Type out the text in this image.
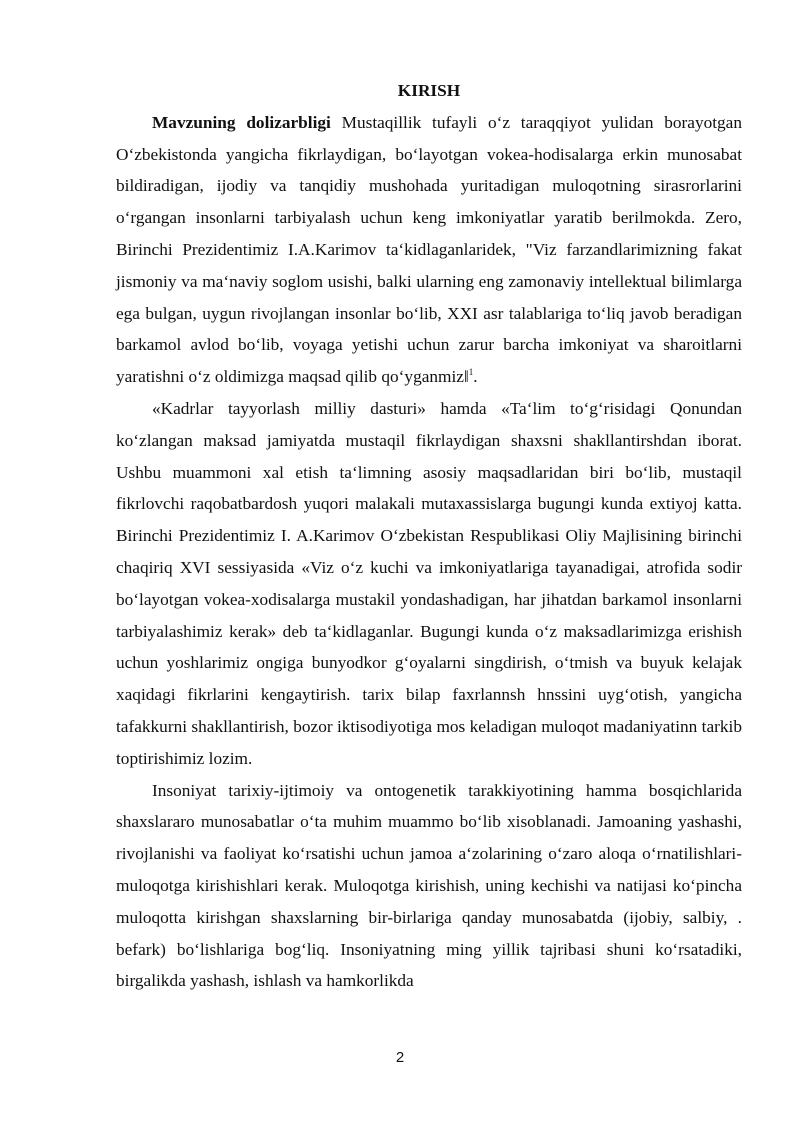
KIRISH

Mavzuning dolizarbligi Mustaqillik tufayli o‘z taraqqiyot yulidan borayotgan O‘zbekistonda yangicha fikrlaydigan, bo‘layotgan vokea-hodisalarga erkin munosabat bildiradigan, ijodiy va tanqidiy mushohada yuritadigan muloqotning sirasrorlarini o‘rgangan insonlarni tarbiyalash uchun keng imkoniyatlar yaratib berilmokda. Zero, Birinchi Prezidentimiz I.A.Karimov ta‘kidlaganlaridek, "Viz farzandlarimizning fakat jismoniy va ma‘naviy soglom usishi, balki ularning eng zamonaviy intellektual bilimlarga ega bulgan, uygun rivojlangan insonlar bo‘lib, XXI asr talablariga to‘liq javob beradigan barkamol avlod bo‘lib, voyaga yetishi uchun zarur barcha imkoniyat va sharoitlarni yaratishni o‘z oldimizga maqsad qilib qo‘yganmiz‖$^1$.

«Kadrlar tayyorlash milliy dasturi» hamda «Ta‘lim to‘g‘risidagi Qonundan ko‘zlangan maksad jamiyatda mustaqil fikrlaydigan shaxsni shakllantirshdan iborat. Ushbu muammoni xal etish ta‘limning asosiy maqsadlaridan biri bo‘lib, mustaqil fikrlovchi raqobatbardosh yuqori malakali mutaxassislarga bugungi kunda extiyoj katta. Birinchi Prezidentimiz I. A.Karimov O‘zbekistan Respublikasi Oliy Majlisining birinchi chaqiriq XVI sessiyasida «Viz o‘z kuchi va imkoniyatlariga tayanadigai, atrofida sodir bo‘layotgan vokea-xodisalarga mustakil yondashadigan, har jihatdan barkamol insonlarni tarbiyalashimiz kerak» deb ta‘kidlaganlar. Bugungi kunda o‘z maksadlarimizga erishish uchun yoshlarimiz ongiga bunyodkor g‘oyalarni singdirish, o‘tmish va buyuk kelajak xaqidagi fikrlarini kengaytirish. tarix bilap faxrlannsh hnssini uyg‘otish, yangicha tafakkurni shakllantirish, bozor iktisodiyotiga mos keladigan muloqot madaniyatinn tarkib toptirishimiz lozim.

Insoniyat tarixiy-ijtimoiy va ontogenetik tarakkiyotining hamma bosqichlarida shaxslararo munosabatlar o‘ta muhim muammo bo‘lib xisoblanadi. Jamoaning yashashi, rivojlanishi va faoliyat ko‘rsatishi uchun jamoa a‘zolarining o‘zaro aloqa o‘rnatilishlari-muloqotga kirishishlari kerak. Muloqotga kirishish, uning kechishi va natijasi ko‘pincha muloqotta kirishgan shaxslarning bir-birlariga qanday munosabatda (ijobiy, salbiy, . befark) bo‘lishlariga bog‘liq. Insoniyatning ming yillik tajribasi shuni ko‘rsatadiki, birgalikda yashash, ishlash va hamkorlikda

2
